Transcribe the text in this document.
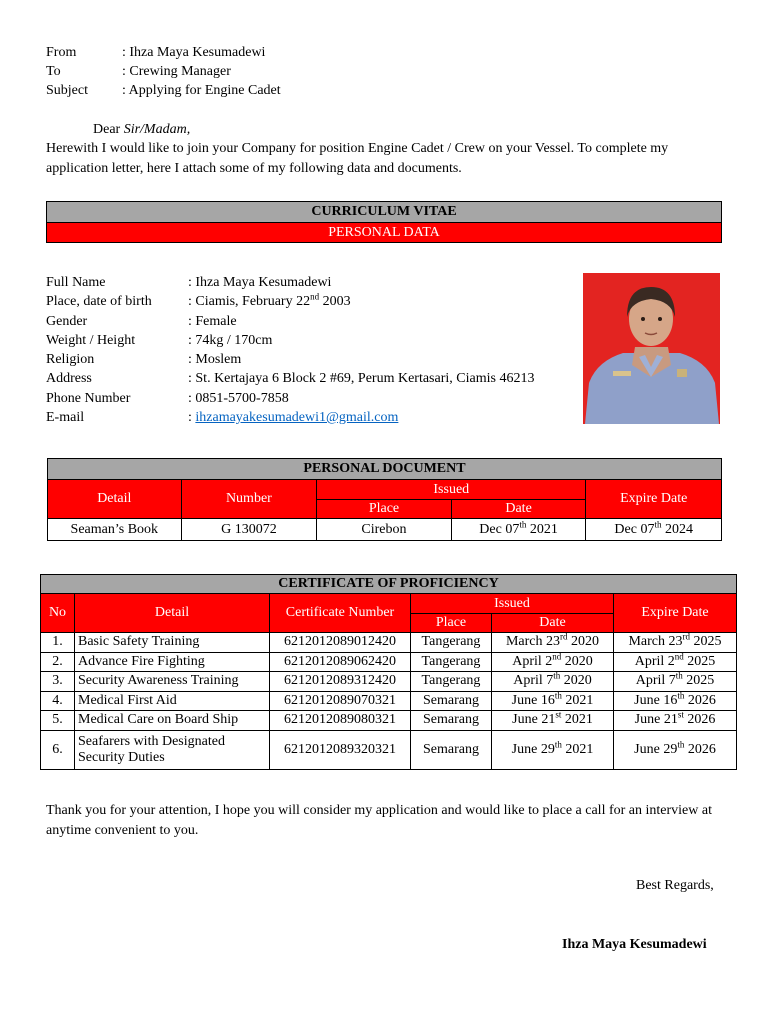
From	: Ihza Maya Kesumadewi
To	: Crewing Manager
Subject : Applying for Engine Cadet
Dear Sir/Madam,

Herewith I would like to join your Company for position Engine Cadet / Crew on your Vessel. To complete my application letter, here I attach some of my following data and documents.

CURRICULUM VITAE
PERSONAL DATA
Full Name	: Ihza Maya Kesumadewi
Place, date of birth	: Ciamis, February 22nd 2003
Gender	: Female
Weight / Height	: 74kg / 170cm
Religion	: Moslem
Address	: St. Kertajaya 6 Block 2 #69, Perum Kertasari, Ciamis 46213
Phone Number	: 0851-5700-7858
E-mail	: ihzamayakesumadewi1@gmail.com
PERSONAL DOCUMENT				
Detail	Number	Issued		Expire Date
		Place	Date	
Seaman’s Book	G 130072	Cirebon	Dec 07th 2021	Dec 07th 2024
CERTIFICATE OF PROFICIENCY					
No	Detail	Certificate Number	Issued		Expire Date
			Place	Date	
1.	Basic Safety Training	6212012089012420	Tangerang	March 23rd 2020	March 23rd 2025
2.	Advance Fire Fighting	6212012089062420	Tangerang	April 2nd 2020	April 2nd 2025
3.	Security Awareness Training	6212012089312420	Tangerang	April 7th 2020	April 7th 2025
4.	Medical First Aid	6212012089070321	Semarang	June 16th 2021	June 16th 2026
5.	Medical Care on Board Ship	6212012089080321	Semarang	June 21st 2021	June 21st 2026
6.	Seafarers with Designated Security Duties	6212012089320321	Semarang	June 29th 2021	June 29th 2026

Thank you for your attention, I hope you will consider my application and would like to place a call for an interview at anytime convenient to you.

Best Regards,
Ihza Maya Kesumadewi
